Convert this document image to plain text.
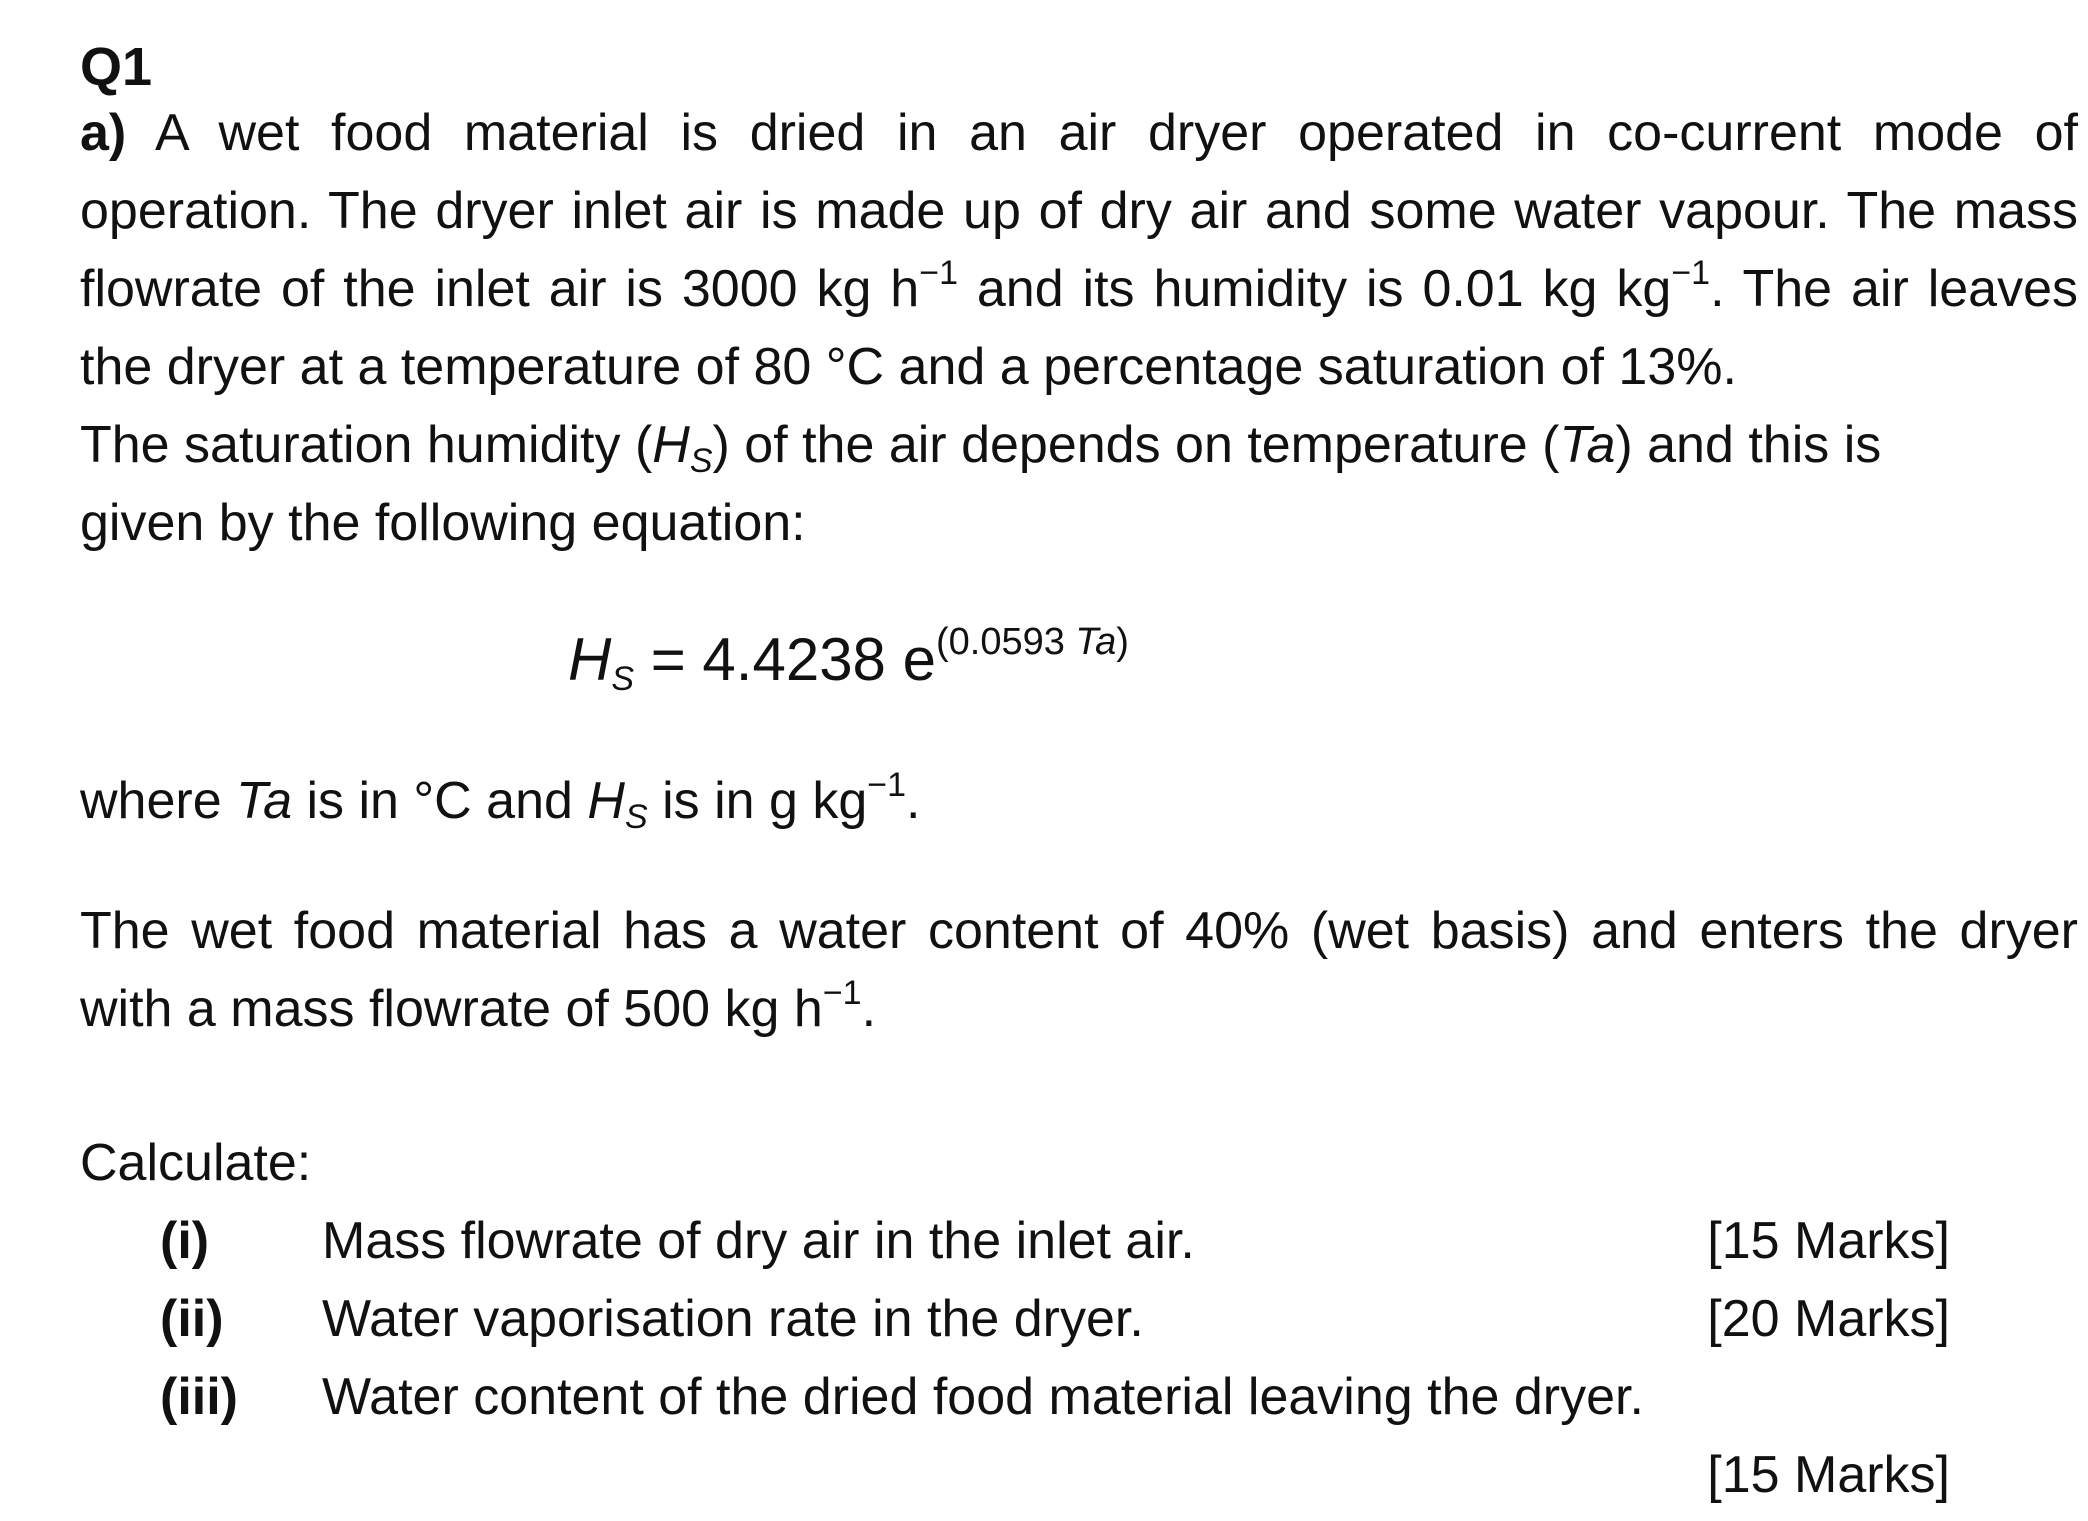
Q1
a) A wet food material is dried in an air dryer operated in co-current mode of
operation. The dryer inlet air is made up of dry air and some water vapour. The mass
flowrate of the inlet air is 3000 kg $h^{-1}$ and its humidity is 0.01 kg $kg^{-1}$. The air leaves
the dryer at a temperature of 80 °C and a percentage saturation of 13%.
The saturation humidity $(H_S)$ of the air depends on temperature (Ta) and this is
given by the following equation:
$H_S = 4.4238$ $e^{(0.0593 Ta)}$
where Ta is in °C and $H_S$ is in g $kg^{-1}$.
The wet food material has a water content of 40% (wet basis) and enters the dryer
with a mass flowrate of 500 kg $h^{-1}$.
Calculate:
(i) Mass flowrate of dry air in the inlet air.	[15 Marks]
(ii) Water vaporisation rate in the dryer.	[20 Marks]
(iii) Water content of the dried food material leaving the dryer.
[15 Marks]
